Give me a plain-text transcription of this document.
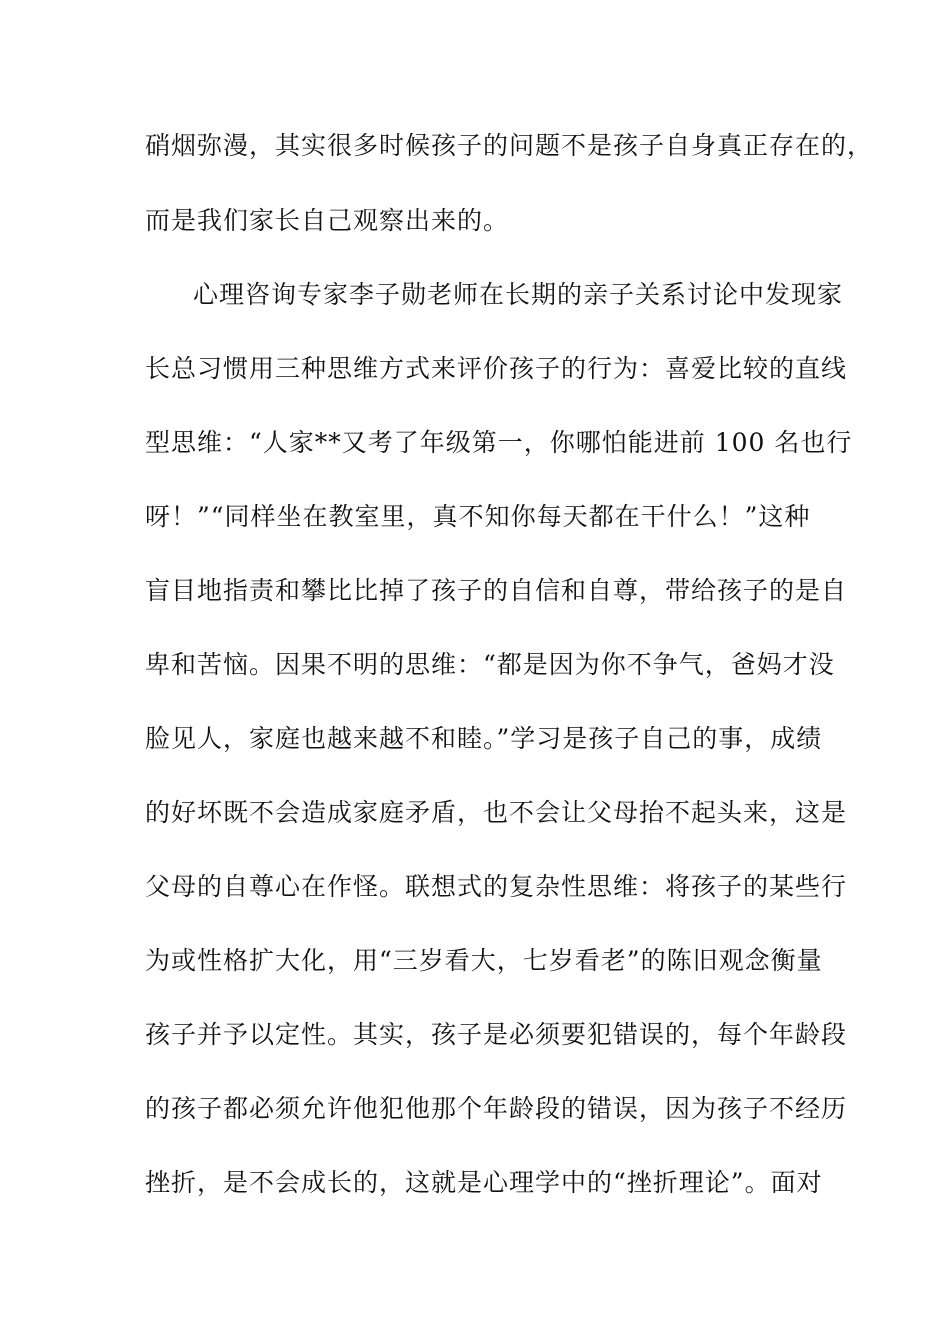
硝烟弥漫，其实很多时候孩子的问题不是孩子自身真正存在的，
而是我们家长自己观察出来的。
心理咨询专家李子勋老师在长期的亲子关系讨论中发现家
长总习惯用三种思维方式来评价孩子的行为：喜爱比较的直线
型思维：“人家**又考了年级第一，你哪怕能进前 100 名也行
呀！”“同样坐在教室里，真不知你每天都在干什么！”这种
盲目地指责和攀比比掉了孩子的自信和自尊，带给孩子的是自
卑和苦恼。因果不明的思维：“都是因为你不争气，爸妈才没
脸见人，家庭也越来越不和睦。”学习是孩子自己的事，成绩
的好坏既不会造成家庭矛盾，也不会让父母抬不起头来，这是
父母的自尊心在作怪。联想式的复杂性思维：将孩子的某些行
为或性格扩大化，用“三岁看大，七岁看老”的陈旧观念衡量
孩子并予以定性。其实，孩子是必须要犯错误的，每个年龄段
的孩子都必须允许他犯他那个年龄段的错误，因为孩子不经历
挫折，是不会成长的，这就是心理学中的“挫折理论”。面对
